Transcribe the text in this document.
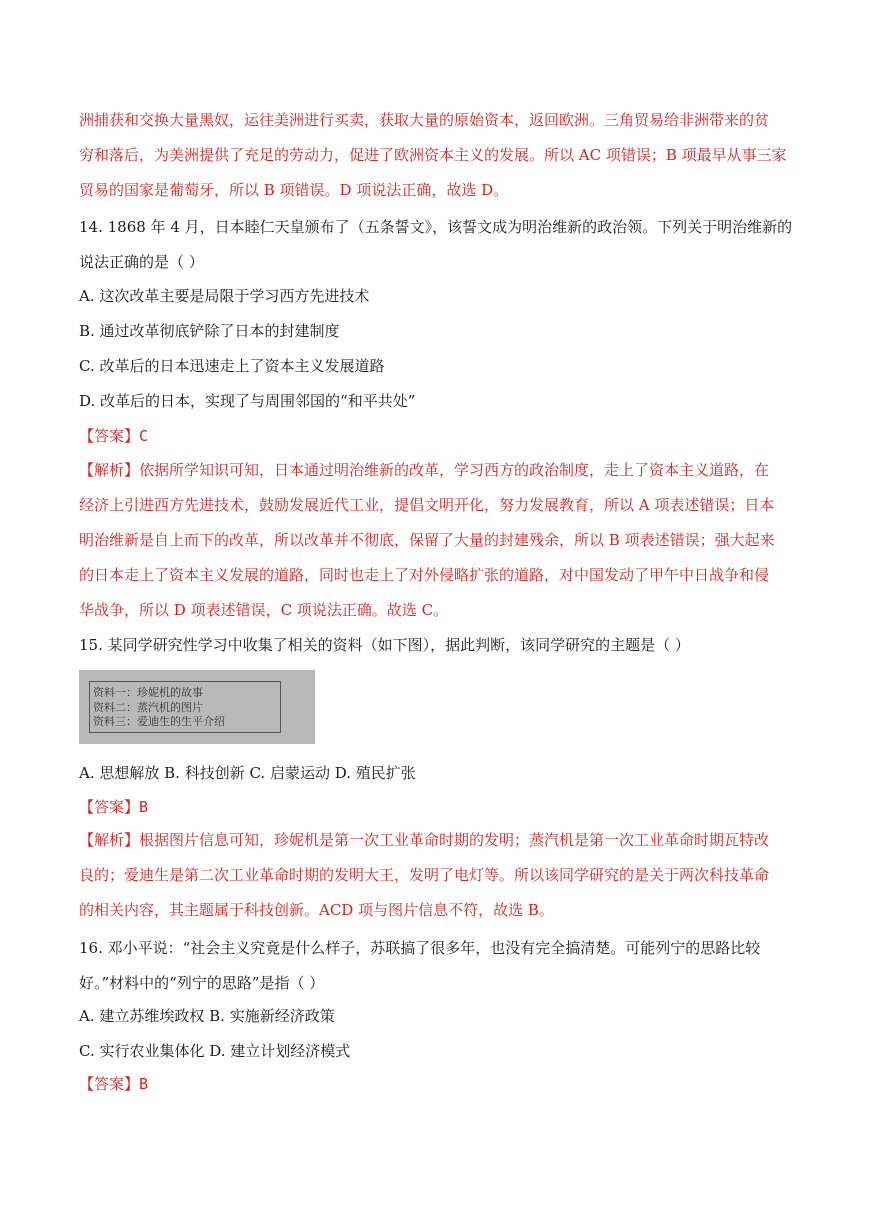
洲捕获和交换大量黑奴，运往美洲进行买卖，获取大量的原始资本，返回欧洲。三角贸易给非洲带来的贫
穷和落后，为美洲提供了充足的劳动力，促进了欧洲资本主义的发展。所以 AC 项错误；B 项最早从事三家
贸易的国家是葡萄牙，所以 B 项错误。D 项说法正确，故选 D。
14. 1868 年 4 月，日本睦仁天皇颁布了（五条誓文》，该誓文成为明治维新的政治领。下列关于明治维新的
说法正确的是（ ）
A. 这次改革主要是局限于学习西方先进技术
B. 通过改革彻底铲除了日本的封建制度
C. 改革后的日本迅速走上了资本主义发展道路
D. 改革后的日本，实现了与周围邻国的“和平共处”
【答案】C
【解析】依据所学知识可知，日本通过明治维新的改革，学习西方的政治制度，走上了资本主义道路，在
经济上引进西方先进技术，鼓励发展近代工业，提倡文明开化，努力发展教育，所以 A 项表述错误；日本
明治维新是自上而下的改革，所以改革并不彻底，保留了大量的封建残余，所以 B 项表述错误；强大起来
的日本走上了资本主义发展的道路，同时也走上了对外侵略扩张的道路，对中国发动了甲午中日战争和侵
华战争，所以 D 项表述错误，C 项说法正确。故选 C。
15. 某同学研究性学习中收集了相关的资料（如下图），据此判断，该同学研究的主题是（ ）
资料一：珍妮机的故事
资料二：蒸汽机的图片
资料三：爱迪生的生平介绍
A. 思想解放 B. 科技创新 C. 启蒙运动 D. 殖民扩张
【答案】B
【解析】根据图片信息可知，珍妮机是第一次工业革命时期的发明；蒸汽机是第一次工业革命时期瓦特改
良的；爱迪生是第二次工业革命时期的发明大王，发明了电灯等。所以该同学研究的是关于两次科技革命
的相关内容，其主题属于科技创新。ACD 项与图片信息不符，故选 B。
16. 邓小平说：“社会主义究竟是什么样子，苏联搞了很多年，也没有完全搞清楚。可能列宁的思路比较
好。”材料中的“列宁的思路”是指（ ）
A. 建立苏维埃政权 B. 实施新经济政策
C. 实行农业集体化 D. 建立计划经济模式
【答案】B
